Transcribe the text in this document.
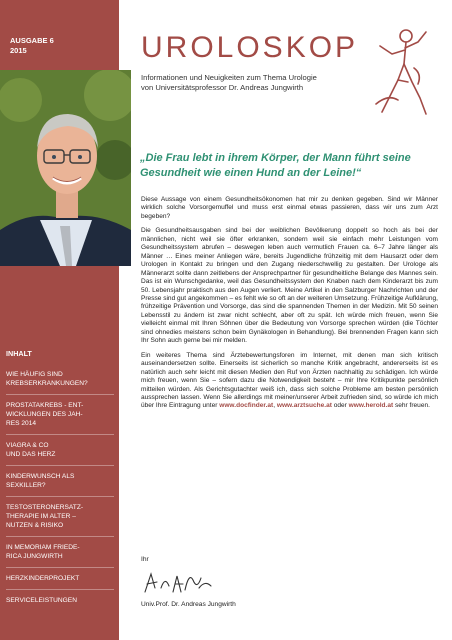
AUSGABE 6
2015
INHALT
WIE HÄUFIG SIND
KREBSERKRANKUNGEN?
PROSTATAKREBS - ENT-
WICKLUNGEN DES JAH-
RES 2014
VIAGRA & CO
UND DAS HERZ
KINDERWUNSCH ALS
SEXKILLER?
TESTOSTERONERSATZ-
THERAPIE IM ALTER –
NUTZEN & RISIKO
IN MEMORIAM FRIEDE-
RICA JUNGWIRTH
HERZKINDERPROJEKT
SERVICELEISTUNGEN
UROLOSKOP
Informationen und Neuigkeiten zum Thema Urologie
von Universitätsprofessor Dr. Andreas Jungwirth
„Die Frau lebt in ihrem Körper, der Mann führt seine Gesundheit wie einen Hund an der Leine!“

Diese Aussage von einem Gesundheitsökonomen hat mir zu denken gegeben. Sind wir Männer wirklich solche Vorsorgemuffel und muss erst einmal etwas passieren, dass wir uns zum Arzt begeben?

Die Gesundheitsausgaben sind bei der weiblichen Bevölkerung doppelt so hoch als bei der männlichen, nicht weil sie öfter erkranken, sondern weil sie einfach mehr Leistungen vom Gesundheitssystem abrufen – deswegen leben auch vermutlich Frauen ca. 6–7 Jahre länger als Männer … Eines meiner Anliegen wäre, bereits Jugendliche frühzeitig mit dem Hausarzt oder dem Urologen in Kontakt zu bringen und den Zugang niederschwellig zu gestalten. Der Urologe als Männerarzt sollte dann zeitlebens der Ansprechpartner für gesundheitliche Belange des Mannes sein. Das ist ein Wunschgedanke, weil das Gesundheitssystem den Knaben nach dem Kinderarzt bis zum 50. Lebensjahr praktisch aus den Augen verliert. Meine Artikel in den Salzburger Nachrichten und der Presse sind gut angekommen – es fehlt wie so oft an der weiteren Umsetzung. Frühzeitige Aufklärung, frühzeitige Prävention und Vorsorge, das sind die spannenden Themen in der Medizin. Mit 50 seinen Lebensstil zu ändern ist zwar nicht schlecht, aber oft zu spät. Ich würde mich freuen, wenn Sie vielleicht einmal mit Ihren Söhnen über die Bedeutung von Vorsorge sprechen würden (die Töchter sind ohnedies meistens schon beim Gynäkologen in Behandlung). Bei brennenden Fragen kann sich Ihr Sohn auch gerne bei mir melden.

Ein weiteres Thema sind Ärztebewertungsforen im Internet, mit denen man sich kritisch auseinandersetzen sollte. Einerseits ist sicherlich so manche Kritik angebracht, andererseits ist es natürlich auch sehr leicht mit diesen Medien den Ruf von Ärzten nachhaltig zu schädigen. Ich würde mich freuen, wenn Sie – sofern dazu die Notwendigkeit besteht – mir Ihre Kritikpunkte persönlich mitteilen würden. Als Gerichtsgutachter weiß ich, dass sich solche Probleme am besten persönlich aussprechen lassen. Wenn Sie allerdings mit meiner/unserer Arbeit zufrieden sind, so würde ich mich über Ihre Eintragung unter www.docfinder.at, www.arztsuche.at oder www.herold.at sehr freuen.

Ihr
Univ.Prof. Dr. Andreas Jungwirth
